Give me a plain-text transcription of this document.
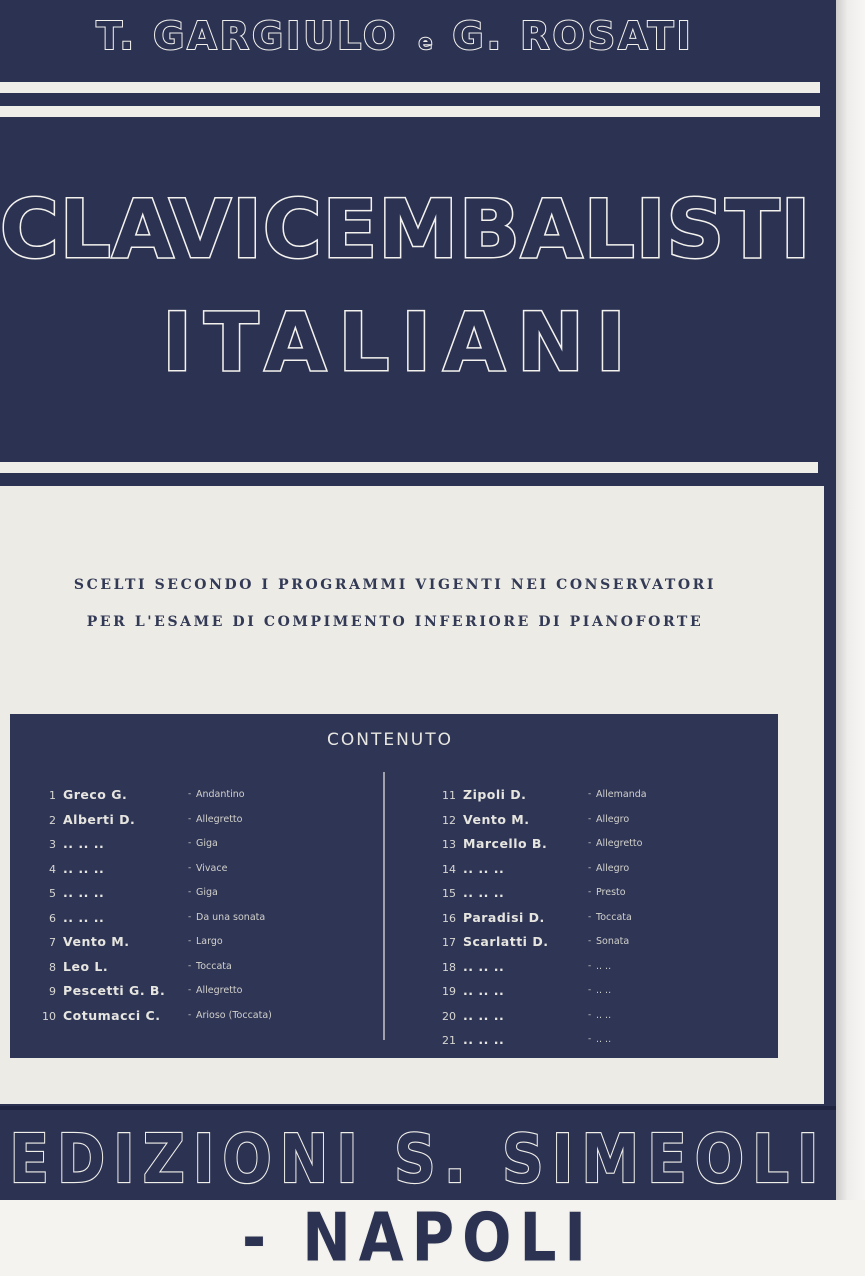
T. GARGIULO e G. ROSATI
CLAVICEMBALISTI
ITALIANI
SCELTI SECONDO I PROGRAMMI VIGENTI NEI CONSERVATORI
PER L'ESAME DI COMPIMENTO INFERIORE DI PIANOFORTE
CONTENUTO
1 Greco G.	- Andantino
2 Alberti D.	- Allegretto
3 .. .. ..	- Giga
4 .. .. ..	- Vivace
5 .. .. ..	- Giga
6 .. .. ..	- Da una sonata
7 Vento M.	- Largo
8 Leo L.	- Toccata
9 Pescetti G. B.	- Allegretto
10 Cotumacci C.	- Arioso (Toccata)
11 Zipoli D.	- Allemanda
12 Vento M.	- Allegro
13 Marcello B.	- Allegretto
14 .. .. ..	- Allegro
15 .. .. ..	- Presto
16 Paradisi D.	- Toccata
17 Scarlatti D.	- Sonata
18 .. .. ..	- .. ..
19 .. .. ..	- .. ..
20 .. .. ..	- .. ..
21 .. .. ..	- .. ..
EDIZIONI S. SIMEOLI - NAPOLI
